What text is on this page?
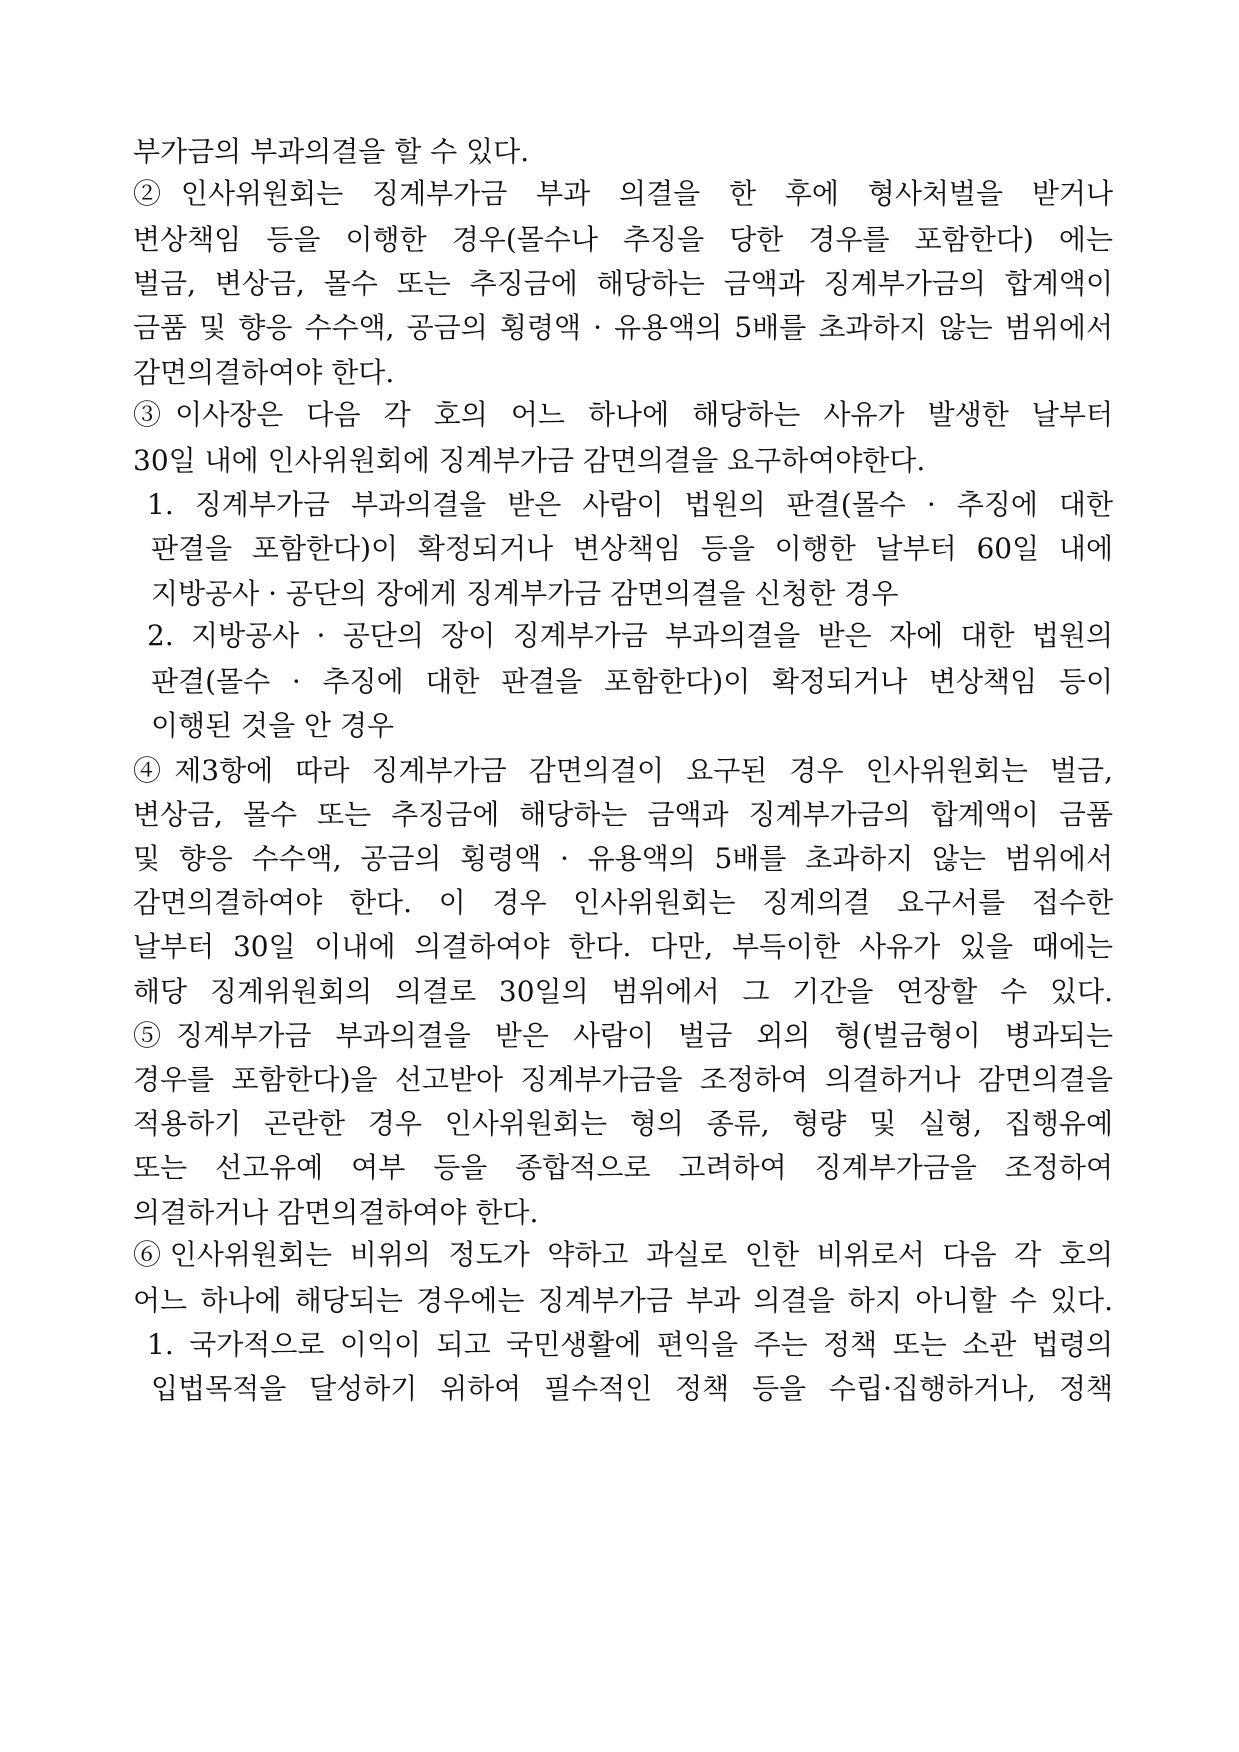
부가금의 부과의결을 할 수 있다.
②인사위원회는 징계부가금 부과 의결을 한 후에 형사처벌을 받거나
변상책임 등을 이행한 경우(몰수나 추징을 당한 경우를 포함한다) 에는
벌금, 변상금, 몰수 또는 추징금에 해당하는 금액과 징계부가금의 합계액이
금품 및 향응 수수액, 공금의 횡령액 · 유용액의 5배를 초과하지 않는 범위에서
감면의결하여야 한다.
③이사장은 다음 각 호의 어느 하나에 해당하는 사유가 발생한 날부터
30일 내에 인사위원회에 징계부가금 감면의결을 요구하여야한다.
1. 징계부가금 부과의결을 받은 사람이 법원의 판결(몰수 · 추징에 대한
판결을 포함한다)이 확정되거나 변상책임 등을 이행한 날부터 60일 내에
지방공사 · 공단의 장에게 징계부가금 감면의결을 신청한 경우
2. 지방공사 · 공단의 장이 징계부가금 부과의결을 받은 자에 대한 법원의
판결(몰수 · 추징에 대한 판결을 포함한다)이 확정되거나 변상책임 등이
이행된 것을 안 경우
④제3항에 따라 징계부가금 감면의결이 요구된 경우 인사위원회는 벌금,
변상금, 몰수 또는 추징금에 해당하는 금액과 징계부가금의 합계액이 금품
및 향응 수수액, 공금의 횡령액 · 유용액의 5배를 초과하지 않는 범위에서
감면의결하여야 한다. 이 경우 인사위원회는 징계의결 요구서를 접수한
날부터 30일 이내에 의결하여야 한다. 다만, 부득이한 사유가 있을 때에는
해당 징계위원회의 의결로 30일의 범위에서 그 기간을 연장할 수 있다.
⑤징계부가금 부과의결을 받은 사람이 벌금 외의 형(벌금형이 병과되는
경우를 포함한다)을 선고받아 징계부가금을 조정하여 의결하거나 감면의결을
적용하기 곤란한 경우 인사위원회는 형의 종류, 형량 및 실형, 집행유예
또는 선고유예 여부 등을 종합적으로 고려하여 징계부가금을 조정하여
의결하거나 감면의결하여야 한다.
⑥인사위원회는 비위의 정도가 약하고 과실로 인한 비위로서 다음 각 호의
어느 하나에 해당되는 경우에는 징계부가금 부과 의결을 하지 아니할 수 있다.
1. 국가적으로 이익이 되고 국민생활에 편익을 주는 정책 또는 소관 법령의
입법목적을 달성하기 위하여 필수적인 정책 등을 수립·집행하거나, 정책
